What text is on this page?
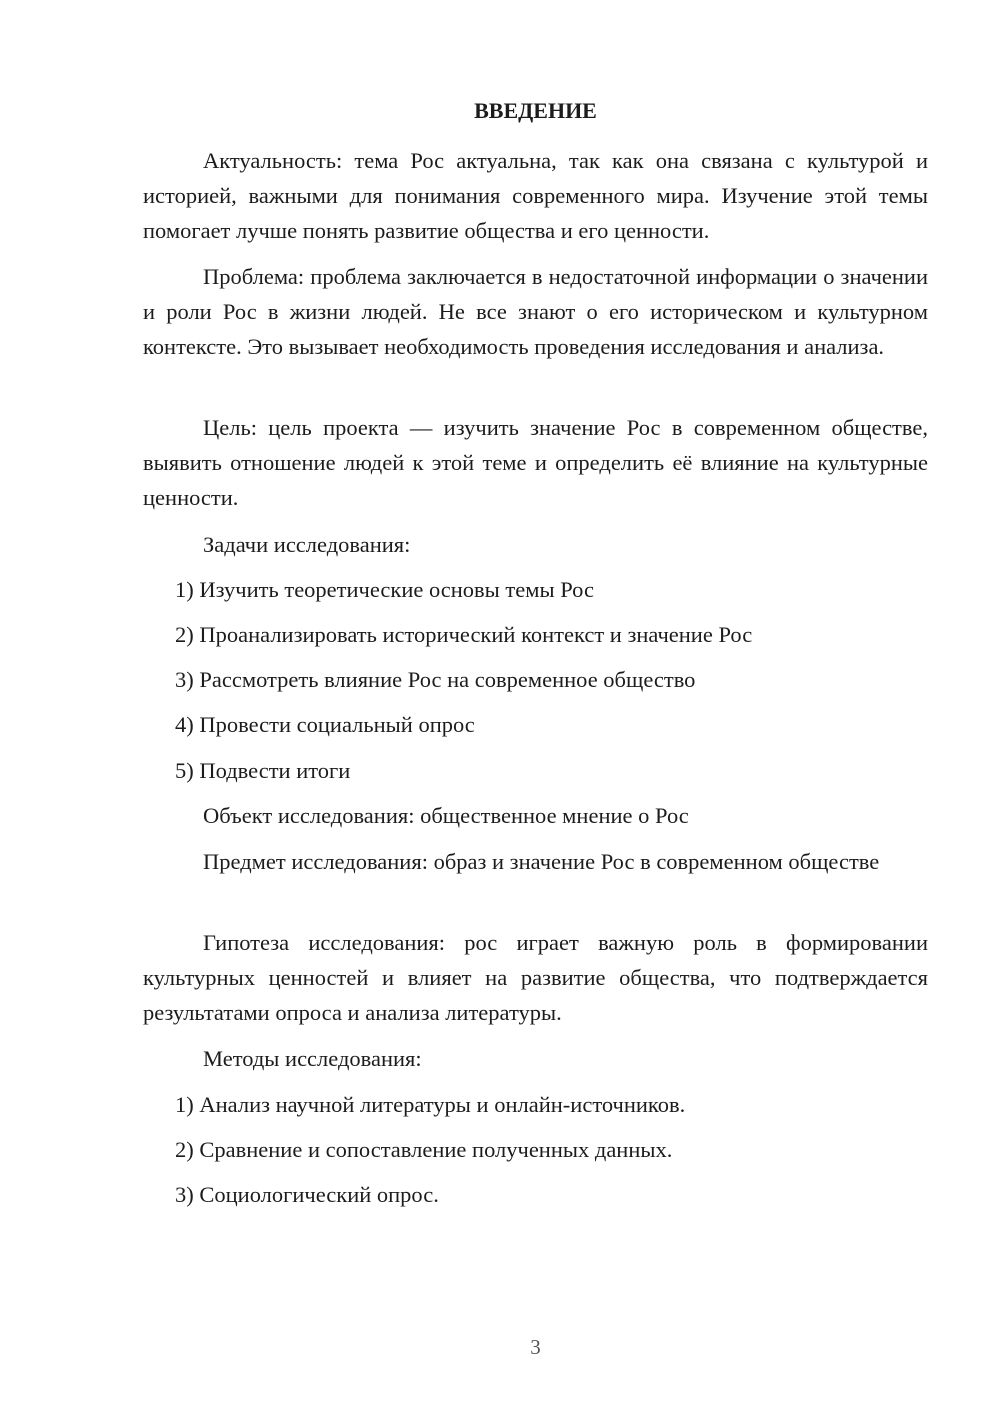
ВВЕДЕНИЕ
Актуальность: тема Рос актуальна, так как она связана с культурой и историей, важными для понимания современного мира. Изучение этой темы помогает лучше понять развитие общества и его ценности.
Проблема: проблема заключается в недостаточной информации о значении и роли Рос в жизни людей. Не все знают о его историческом и культурном контексте. Это вызывает необходимость проведения исследования и анализа.
Цель: цель проекта — изучить значение Рос в современном обществе, выявить отношение людей к этой теме и определить её влияние на культурные ценности.
Задачи исследования:
1) Изучить теоретические основы темы Рос
2) Проанализировать исторический контекст и значение Рос
3) Рассмотреть влияние Рос на современное общество
4) Провести социальный опрос
5) Подвести итоги
Объект исследования: общественное мнение о Рос
Предмет исследования: образ и значение Рос в современном обществе
Гипотеза исследования: рос играет важную роль в формировании культурных ценностей и влияет на развитие общества, что подтверждается результатами опроса и анализа литературы.
Методы исследования:
1) Анализ научной литературы и онлайн-источников.
2) Сравнение и сопоставление полученных данных.
3) Социологический опрос.
3
